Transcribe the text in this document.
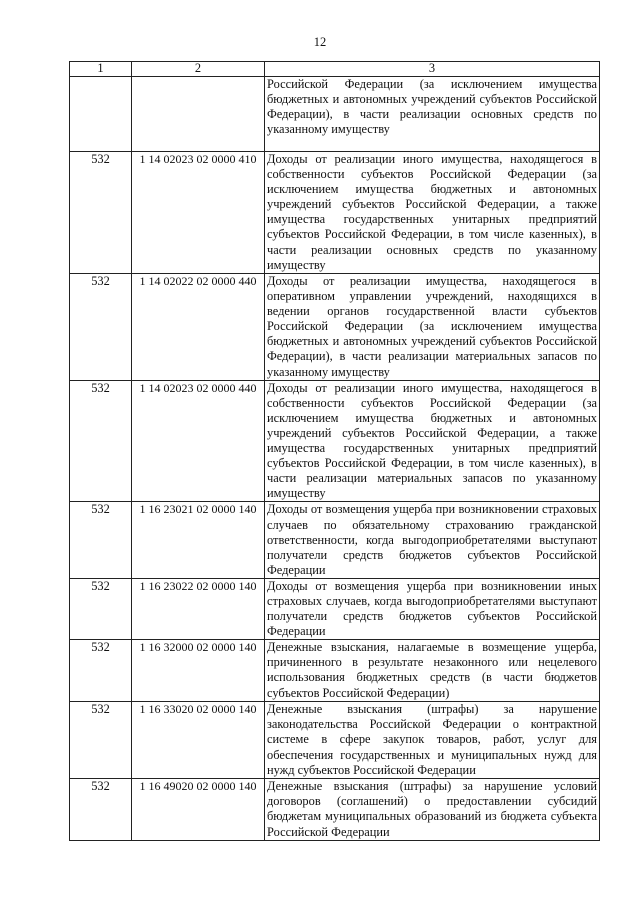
12
1	2	3

		Российской Федерации (за исключением имущества бюджетных и автономных учреждений субъектов Российской Федерации), в части реализации основных средств по указанному имуществу

532	1 14 02023 02 0000 410	Доходы от реализации иного имущества, находящегося в собственности субъектов Российской Федерации (за исключением имущества бюджетных и автономных учреждений субъектов Российской Федерации, а также имущества государственных унитарных предприятий субъектов Российской Федерации, в том числе казенных), в части реализации основных средств по указанному имуществу

532	1 14 02022 02 0000 440	Доходы от реализации имущества, находящегося в оперативном управлении учреждений, находящихся в ведении органов государственной власти субъектов Российской Федерации (за исключением имущества бюджетных и автономных учреждений субъектов Российской Федерации), в части реализации материальных запасов по указанному имуществу

532	1 14 02023 02 0000 440	Доходы от реализации иного имущества, находящегося в собственности субъектов Российской Федерации (за исключением имущества бюджетных и автономных учреждений субъектов Российской Федерации, а также имущества государственных унитарных предприятий субъектов Российской Федерации, в том числе казенных), в части реализации материальных запасов по указанному имуществу

532	1 16 23021 02 0000 140	Доходы от возмещения ущерба при возникновении страховых случаев по обязательному страхованию гражданской ответственности, когда выгодоприобретателями выступают получатели средств бюджетов субъектов Российской Федерации

532	1 16 23022 02 0000 140	Доходы от возмещения ущерба при возникновении иных страховых случаев, когда выгодоприобретателями выступают получатели средств бюджетов субъектов Российской Федерации

532	1 16 32000 02 0000 140	Денежные взыскания, налагаемые в возмещение ущерба, причиненного в результате незаконного или нецелевого использования бюджетных средств (в части бюджетов субъектов Российской Федерации)

532	1 16 33020 02 0000 140	Денежные взыскания (штрафы) за нарушение законодательства Российской Федерации о контрактной системе в сфере закупок товаров, работ, услуг для обеспечения государственных и муниципальных нужд для нужд субъектов Российской Федерации

532	1 16 49020 02 0000 140	Денежные взыскания (штрафы) за нарушение условий договоров (соглашений) о предоставлении субсидий бюджетам муниципальных образований из бюджета субъекта Российской Федерации
